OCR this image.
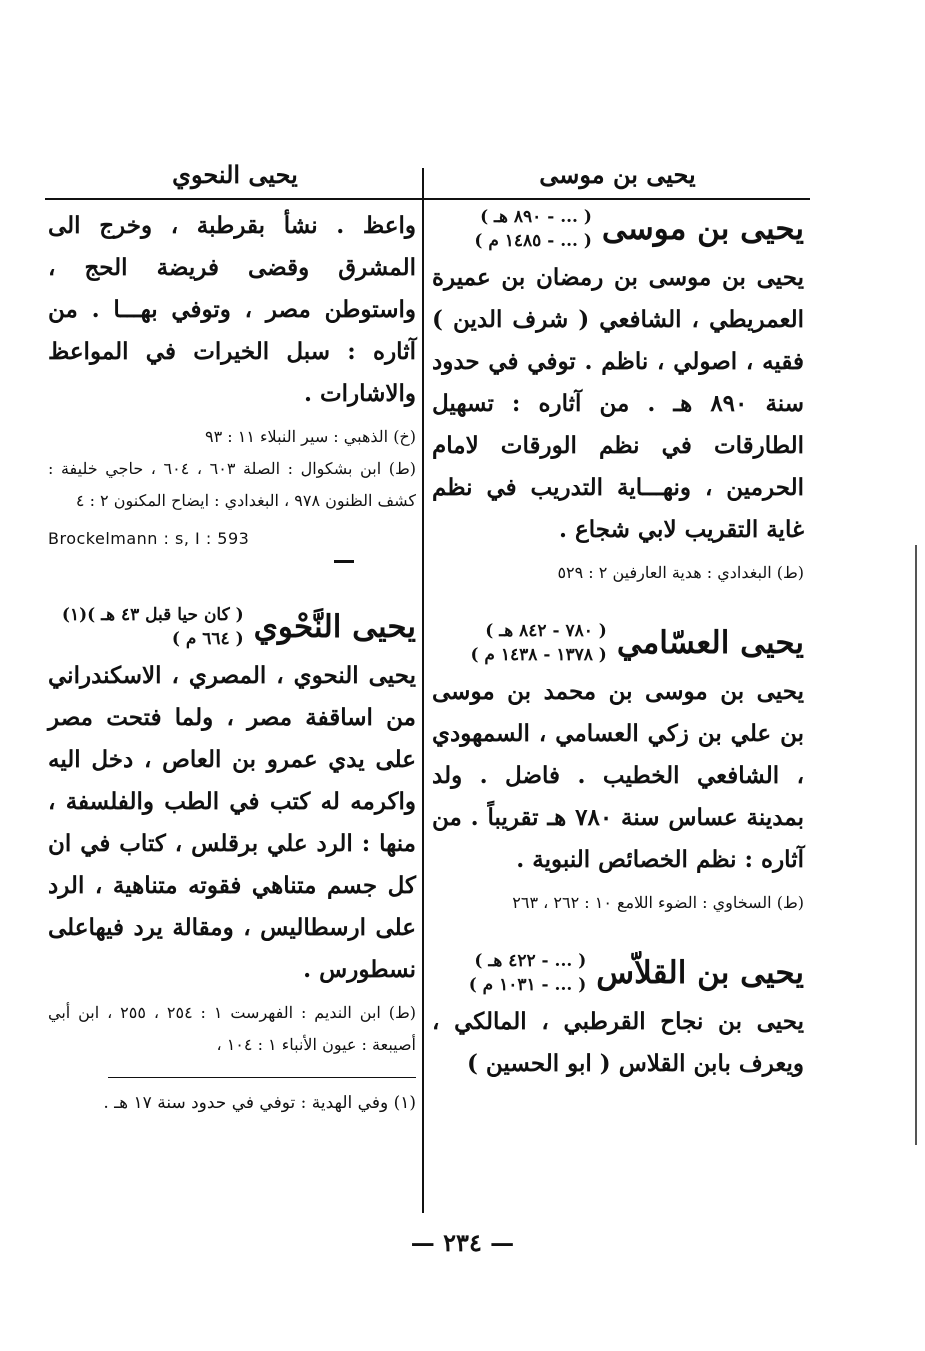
يحيى بن موسى
يحيى النحوي
يحيى بن موسى
( ... - ٨٩٠ هـ )
( ... - ١٤٨٥ م )

يحيى بن موسى بن رمضان بن عميرة العمريطي ، الشافعي ( شرف الدين ) فقيه ، اصولي ، ناظم . توفي في حدود سنة ٨٩٠ هـ . من آثاره : تسهيل الطارقات في نظم الورقات لامام الحرمين ، ونهـــاية التدريب في نظم غاية التقريب لابي شجاع .

(ط) البغدادي : هدية العارفين ٢ : ٥٢٩

يحيى العسّامي
( ٧٨٠ - ٨٤٢ هـ )
( ١٣٧٨ - ١٤٣٨ م )

يحيى بن موسى بن محمد بن موسى بن علي بن زكي العسامي ، السمهودي ، الشافعي الخطيب . فاضل . ولد بمدينة عساس سنة ٧٨٠ هـ تقريباً . من آثاره : نظم الخصائص النبوية .

(ط) السخاوي : الضوء اللامع ١٠ : ٢٦٢ ، ٢٦٣

يحيى بن القلاّس
( ... - ٤٢٢ هـ )
( ... - ١٠٣١ م )

يحيى بن نجاح القرطبي ، المالكي ، ويعرف بابن القلاس ( ابو الحسين )

واعظ . نشأ بقرطبة ، وخرج الى المشرق وقضى فريضة الحج ، واستوطن مصر ، وتوفي بهـــا . من آثاره : سبل الخيرات في المواعظ والاشارات .

(خ) الذهبي : سير النبلاء ١١ : ٩٣

(ط) ابن بشكوال : الصلة ٦٠٣ ، ٦٠٤ ، حاجي خليفة : كشف الظنون ٩٧٨ ، البغدادي : ايضاح المكنون ٢ : ٤

Brockelmann : s, I : 593
يحيى النَّحْوي
( كان حيا قبل ٤٣ هـ )(١)
( ٦٦٤ م )

يحيى النحوي ، المصري ، الاسكندراني من اساقفة مصر ، ولما فتحت مصر على يدي عمرو بن العاص ، دخل اليه واكرمه له كتب في الطب والفلسفة ، منها : الرد علي برقلس ، كتاب في ان كل جسم متناهي فقوته متناهية ، الرد على ارسطاليس ، ومقالة يرد فيهاعلى نسطورس .

(ط) ابن النديم : الفهرست ١ : ٢٥٤ ، ٢٥٥ ، ابن أبي أصيبعة : عيون الأنباء ١ : ١٠٤ ،

(١) وفي الهدية : توفي في حدود سنة ١٧ هـ .
— ٢٣٤ —
